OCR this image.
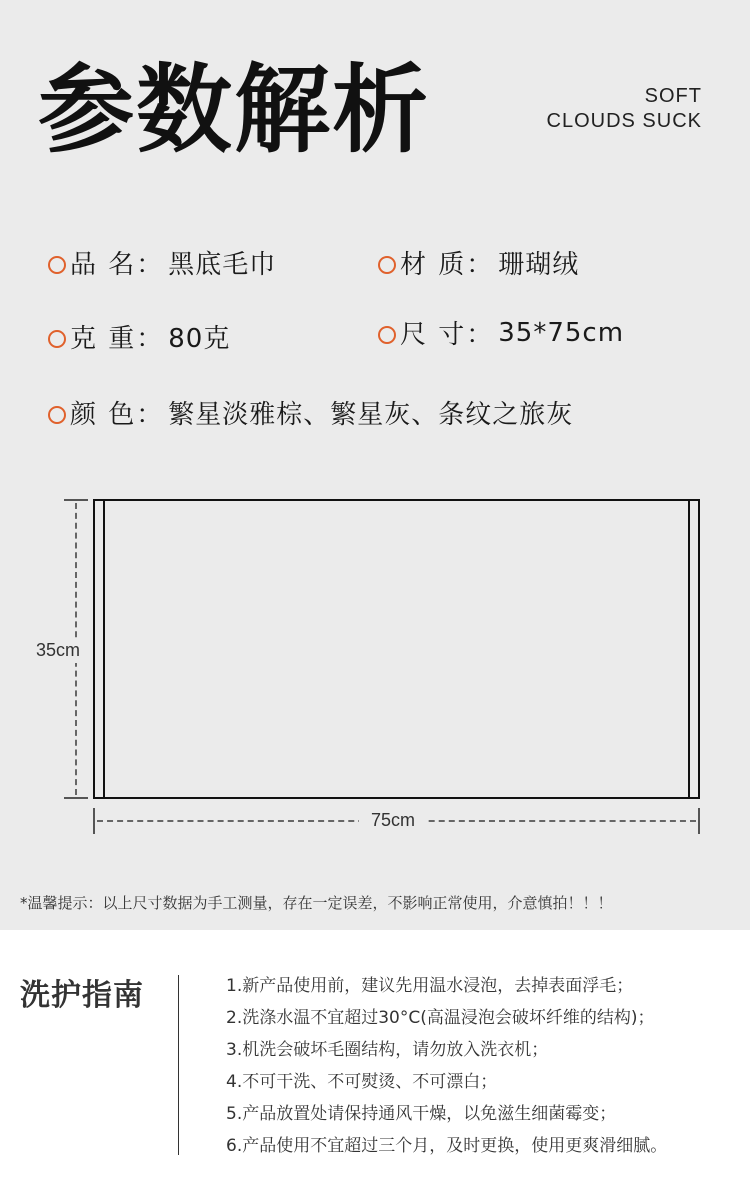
参数解析	SOFT
CLOUDS SUCK
品 名： 黑底毛巾	材 质： 珊瑚绒
克 重： 80克	尺 寸： 35*75cm
颜 色： 繁星淡雅棕、繁星灰、条纹之旅灰
35cm
75cm

*温馨提示：以上尺寸数据为手工测量，存在一定误差，不影响正常使用，介意慎拍！！！

洗护指南	1.新产品使用前，建议先用温水浸泡，去掉表面浮毛；
2.洗涤水温不宜超过30°C(高温浸泡会破坏纤维的结构)；
3.机洗会破坏毛圈结构，请勿放入洗衣机；
4.不可干洗、不可熨烫、不可漂白；
5.产品放置处请保持通风干燥，以免滋生细菌霉变；
6.产品使用不宜超过三个月，及时更换，使用更爽滑细腻。
